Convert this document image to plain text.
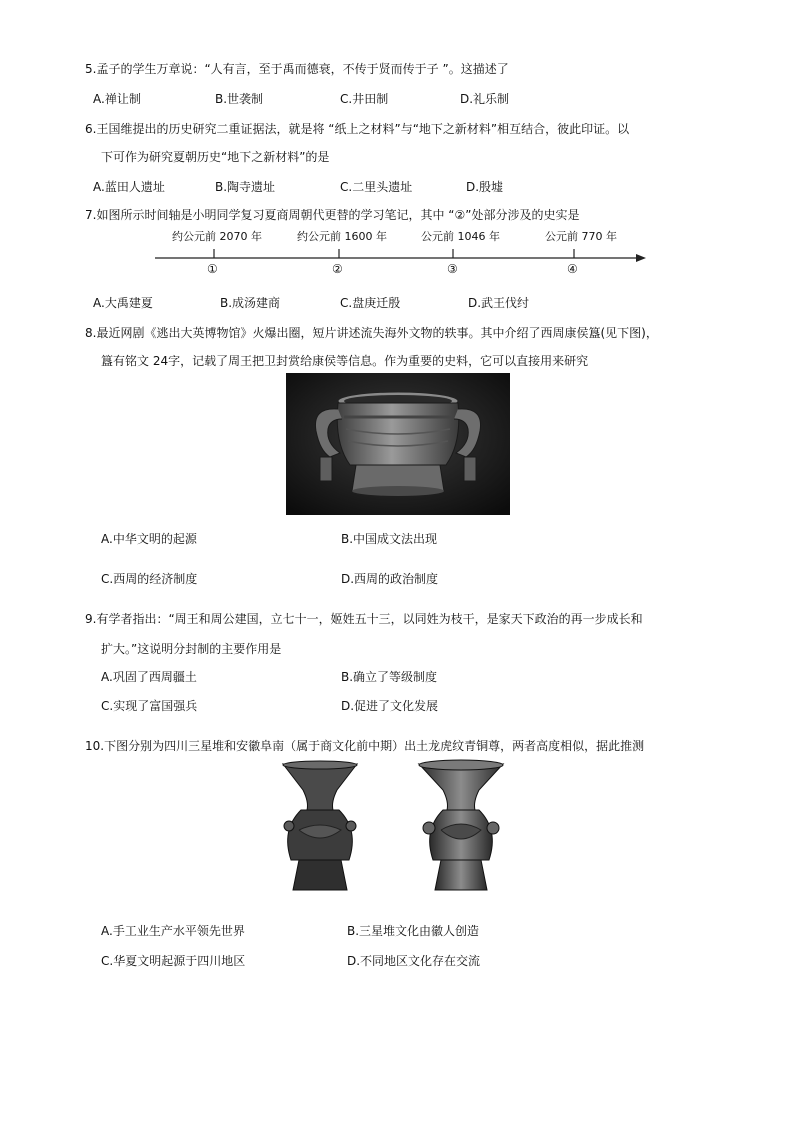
5.孟子的学生万章说：“人有言，至于禹而德衰，不传于贤而传于子 ”。这描述了
A.禅让制	B.世袭制	C.井田制	D.礼乐制
6.王国维提出的历史研究二重证据法，就是将 “纸上之材料”与“地下之新材料”相互结合，彼此印证。以
下可作为研究夏朝历史“地下之新材料”的是
A.蓝田人遗址	B.陶寺遗址	C.二里头遗址	D.殷墟
7.如图所示时间轴是小明同学复习夏商周朝代更替的学习笔记，其中 “②”处部分涉及的史实是
约公元前 2070 年	约公元前 1600 年	公元前 1046 年	公元前 770 年
①	②	③	④
A.大禹建夏	B.成汤建商	C.盘庚迁殷	D.武王伐纣
8.最近网剧《逃出大英博物馆》火爆出圈，短片讲述流失海外文物的轶事。其中介绍了西周康侯簋(见下图)，
簋有铭文 24字，记载了周王把卫封赏给康侯等信息。作为重要的史料，它可以直接用来研究
A.中华文明的起源	B.中国成文法出现
C.西周的经济制度	D.西周的政治制度
9.有学者指出：“周王和周公建国，立七十一，姬姓五十三，以同姓为枝干，是家天下政治的再一步成长和
扩大。”这说明分封制的主要作用是
A.巩固了西周疆土	B.确立了等级制度
C.实现了富国强兵	D.促进了文化发展
10.下图分别为四川三星堆和安徽阜南（属于商文化前中期）出土龙虎纹青铜尊，两者高度相似，据此推测
A.手工业生产水平领先世界	B.三星堆文化由徽人创造
C.华夏文明起源于四川地区	D.不同地区文化存在交流
